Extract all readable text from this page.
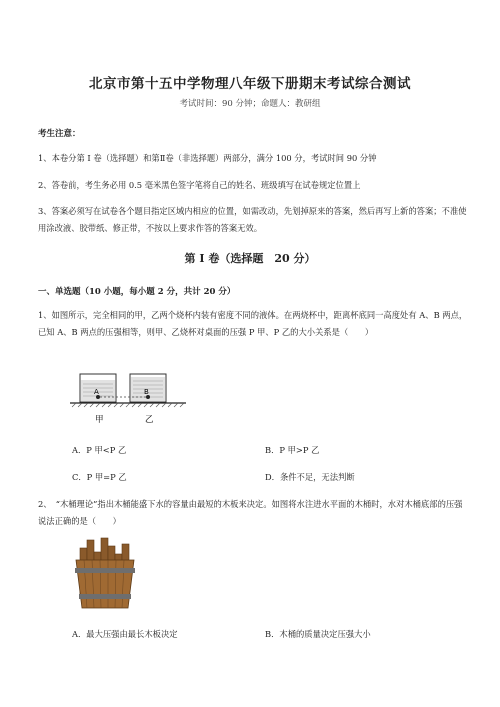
北京市第十五中学物理八年级下册期末考试综合测试
考试时间：90 分钟；命题人：教研组
考生注意：
1、本卷分第 I 卷（选择题）和第Ⅱ卷（非选择题）两部分，满分 100 分，考试时间 90 分钟
2、答卷前，考生务必用 0.5 毫米黑色签字笔将自己的姓名、班级填写在试卷规定位置上
3、答案必须写在试卷各个题目指定区域内相应的位置，如需改动，先划掉原来的答案，然后再写上新的答案；不准使用涂改液、胶带纸、修正带，不按以上要求作答的答案无效。
第 I 卷（选择题　20 分）
一、单选题（10 小题，每小题 2 分，共计 20 分）
1、如图所示，完全相同的甲，乙两个烧杯内装有密度不同的液体。在两烧杯中，距离杯底同一高度处有 A、B 两点，已知 A、B 两点的压强相等，则甲、乙烧杯对桌面的压强 P 甲、P 乙的大小关系是（　　）
A	B
甲	乙
A．P 甲<P 乙	B．P 甲>P 乙
C．P 甲=P 乙	D．条件不足，无法判断
2、　“木桶理论”指出木桶能盛下水的容量由最短的木板来决定。如图将水注进水平面的木桶时，水对木桶底部的压强说法正确的是（　　）
A．最大压强由最长木板决定	B．木桶的质量决定压强大小
